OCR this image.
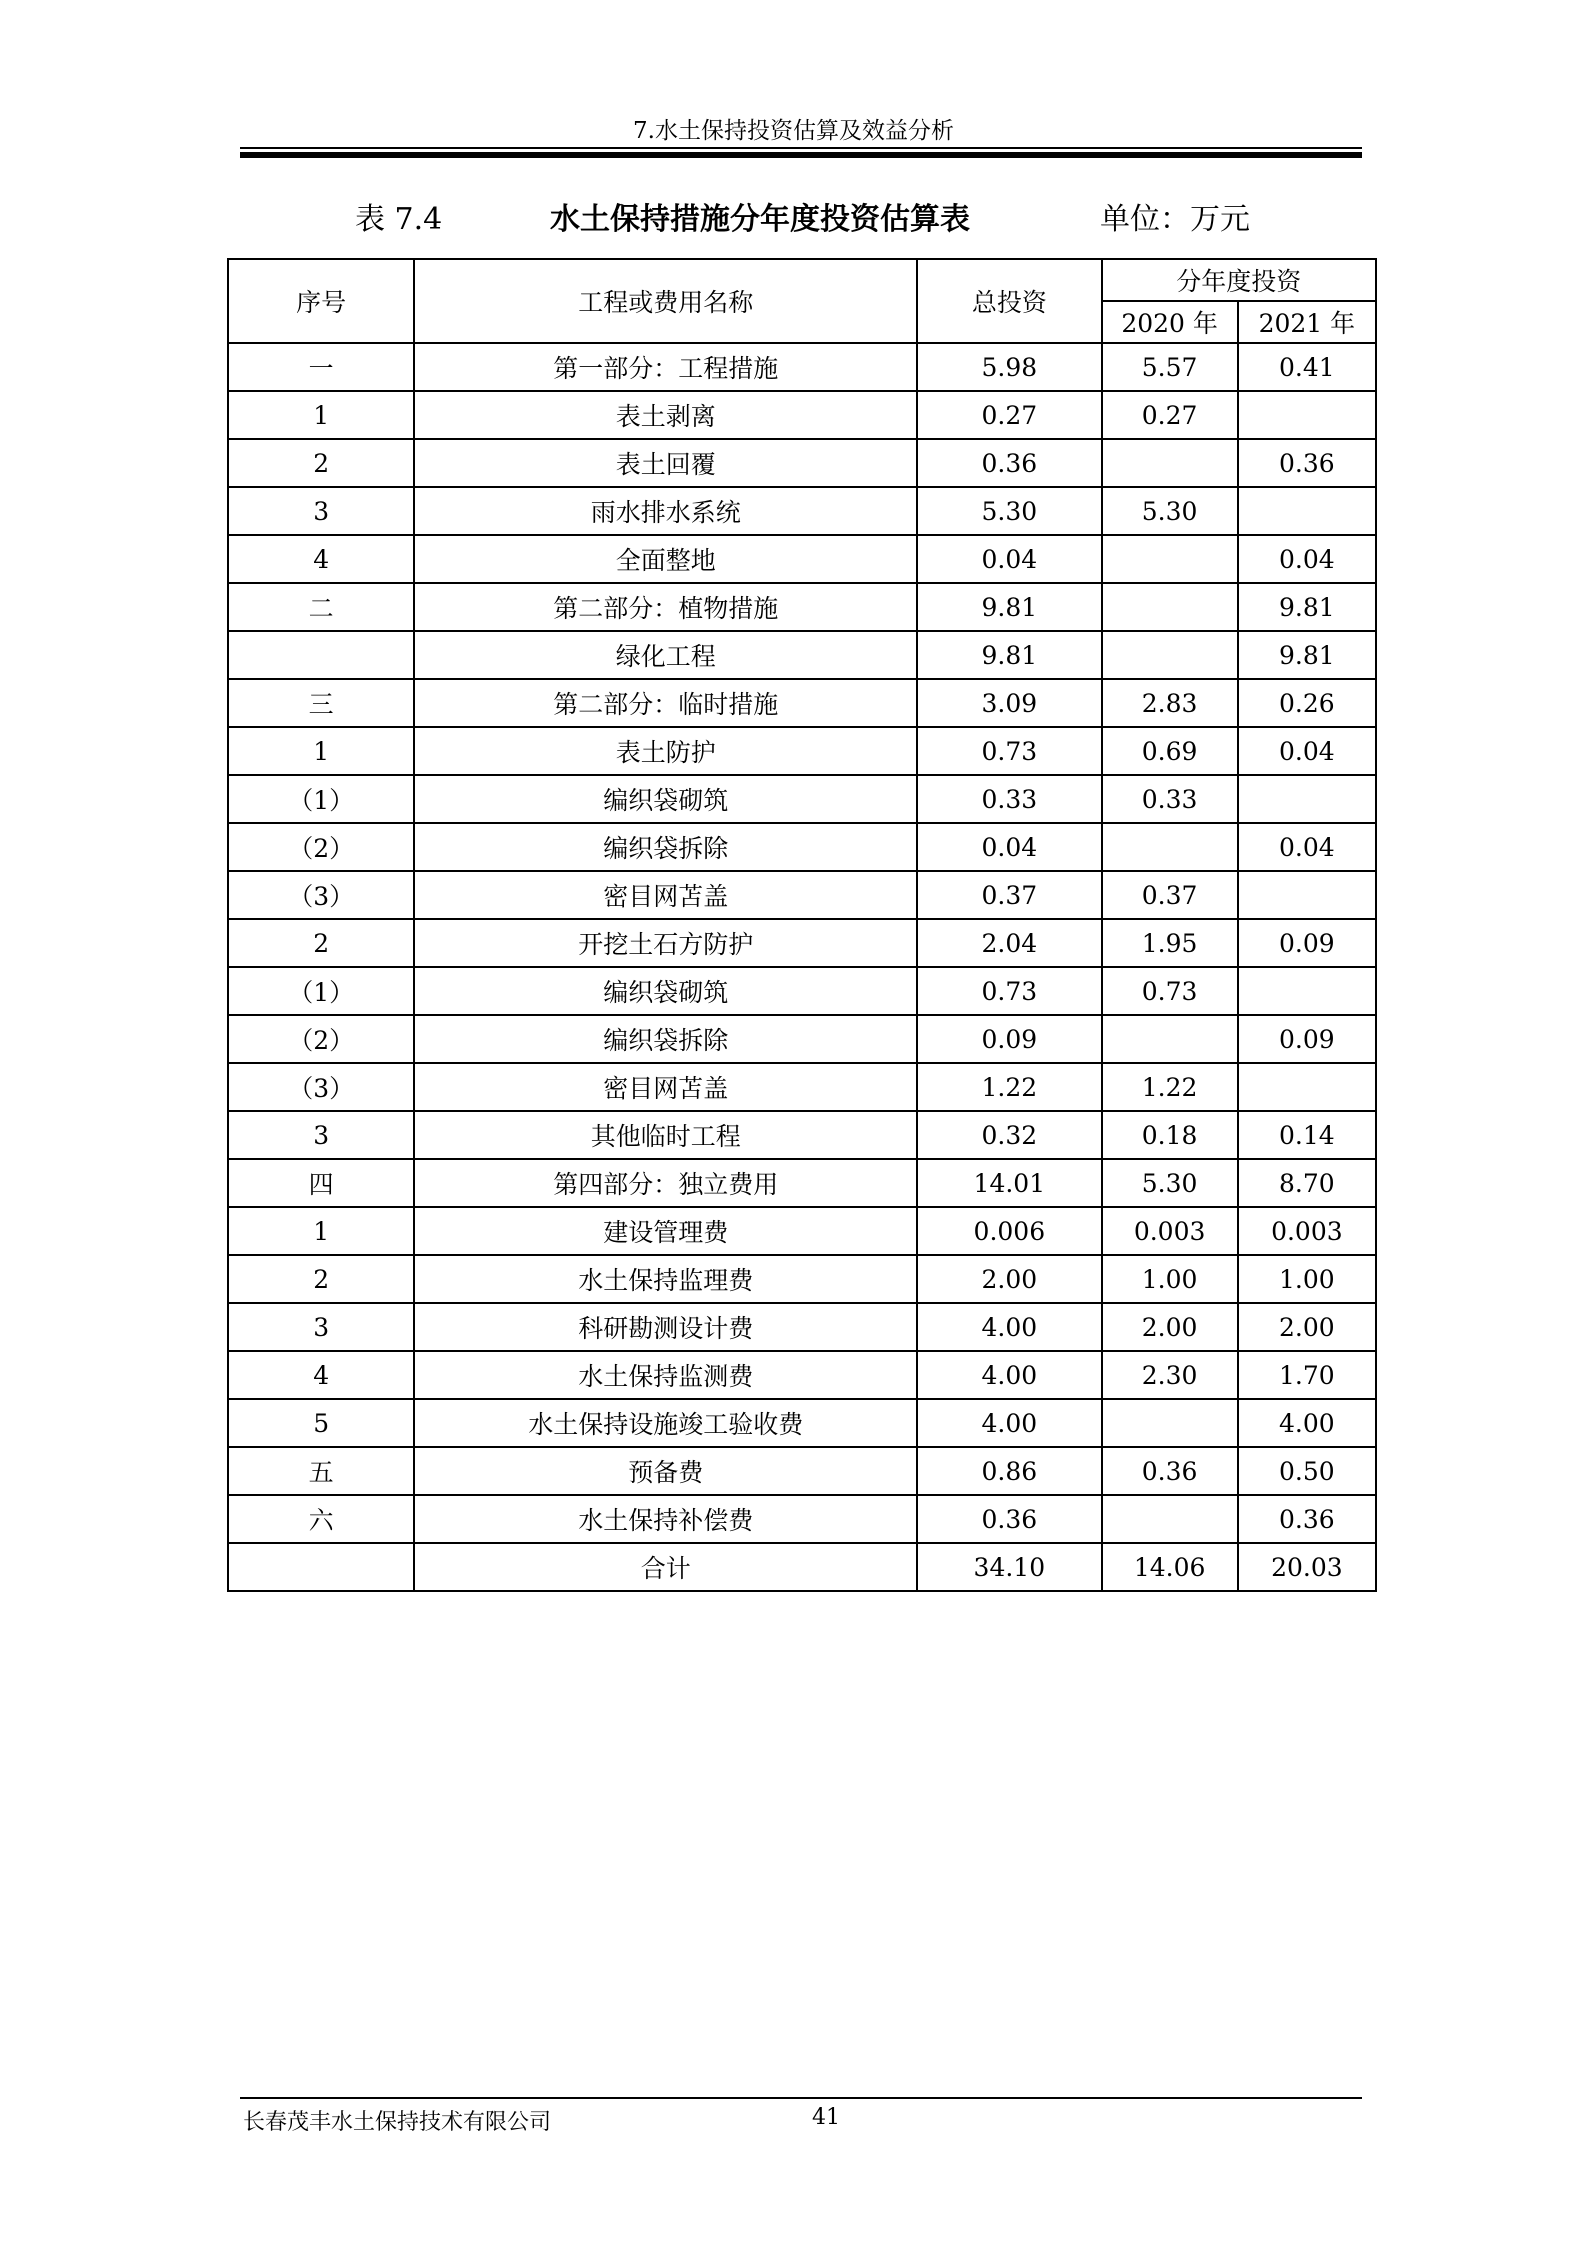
7.水土保持投资估算及效益分析
表 7.4	水土保持措施分年度投资估算表	单位：万元
序号	工程或费用名称	总投资	分年度投资	
			2020 年	2021 年
一	第一部分：工程措施	5.98	5.57	0.41
1	表土剥离	0.27	0.27	
2	表土回覆	0.36		0.36
3	雨水排水系统	5.30	5.30	
4	全面整地	0.04		0.04
二	第二部分：植物措施	9.81		9.81
	绿化工程	9.81		9.81
三	第二部分：临时措施	3.09	2.83	0.26
1	表土防护	0.73	0.69	0.04
（1）	编织袋砌筑	0.33	0.33	
（2）	编织袋拆除	0.04		0.04
（3）	密目网苫盖	0.37	0.37	
2	开挖土石方防护	2.04	1.95	0.09
（1）	编织袋砌筑	0.73	0.73	
（2）	编织袋拆除	0.09		0.09
（3）	密目网苫盖	1.22	1.22	
3	其他临时工程	0.32	0.18	0.14
四	第四部分：独立费用	14.01	5.30	8.70
1	建设管理费	0.006	0.003	0.003
2	水土保持监理费	2.00	1.00	1.00
3	科研勘测设计费	4.00	2.00	2.00
4	水土保持监测费	4.00	2.30	1.70
5	水土保持设施竣工验收费	4.00		4.00
五	预备费	0.86	0.36	0.50
六	水土保持补偿费	0.36		0.36
	合计	34.10	14.06	20.03
长春茂丰水土保持技术有限公司	41
